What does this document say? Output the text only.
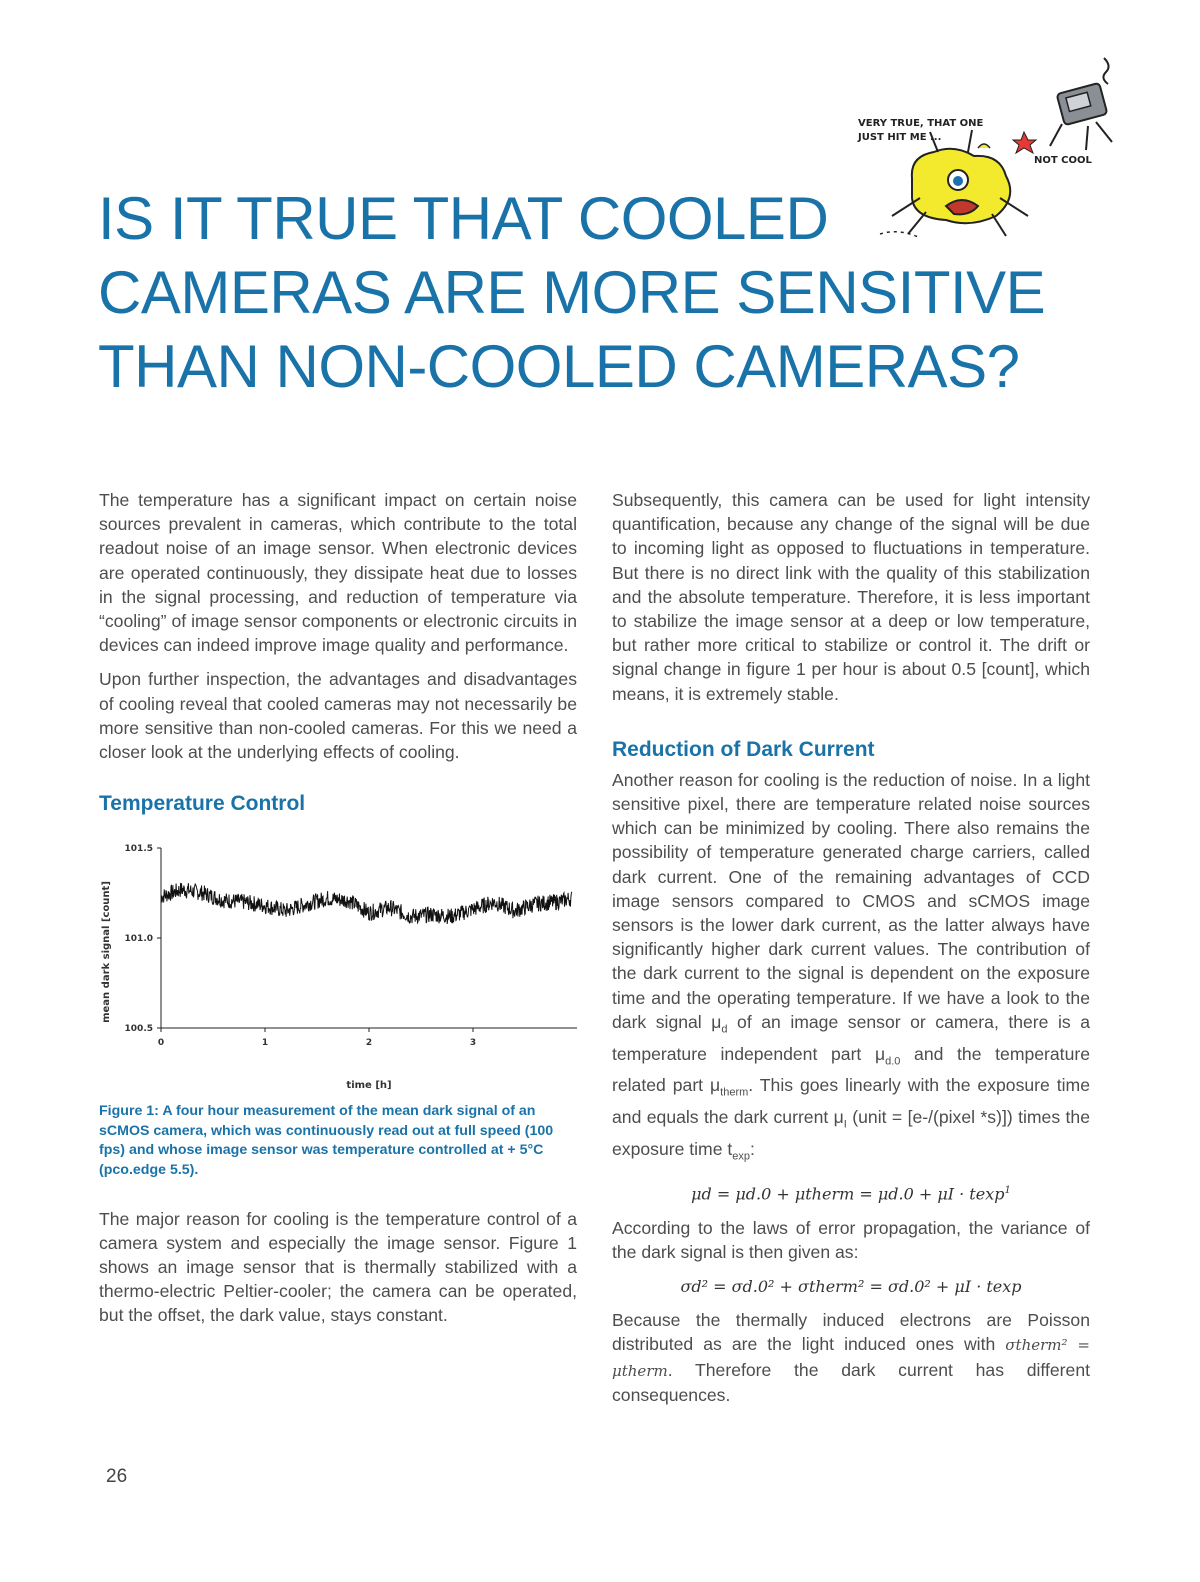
VERY TRUE, THAT ONE
JUST HIT ME ...
NOT COOL
IS IT TRUE THAT COOLED
CAMERAS ARE MORE SENSITIVE
THAN NON-COOLED CAMERAS?

The temperature has a significant impact on certain noise sources prevalent in cameras, which contribute to the total readout noise of an image sensor. When electronic devices are operated continuously, they dissipate heat due to losses in the signal processing, and reduction of temperature via “cooling” of image sensor components or electronic circuits in devices can indeed improve image quality and performance.

Upon further inspection, the advantages and disadvantages of cooling reveal that cooled cameras may not necessarily be more sensitive than non-cooled cameras. For this we need a closer look at the underlying effects of cooling.

Temperature Control
100.5
101.0
101.5
0	1	2	3
time [h]
mean dark signal [count]

Figure 1: A four hour measurement of the mean dark signal of an sCMOS camera, which was continuously read out at full speed (100 fps) and whose image sensor was temperature controlled at + 5°C (pco.edge 5.5).

The major reason for cooling is the temperature control of a camera system and especially the image sensor. Figure 1 shows an image sensor that is thermally stabilized with a thermo-electric Peltier-cooler; the camera can be operated, but the offset, the dark value, stays constant.

Subsequently, this camera can be used for light intensity quantification, because any change of the signal will be due to incoming light as opposed to fluctuations in temperature. But there is no direct link with the quality of this stabilization and the absolute temperature. Therefore, it is less important to stabilize the image sensor at a deep or low temperature, but rather more critical to stabilize or control it. The drift or signal change in figure 1 per hour is about 0.5 [count], which means, it is extremely stable.

Reduction of Dark Current

Another reason for cooling is the reduction of noise. In a light sensitive pixel, there are temperature related noise sources which can be minimized by cooling. There also remains the possibility of temperature generated charge carriers, called dark current. One of the remaining advantages of CCD image sensors compared to CMOS and sCMOS image sensors is the lower dark current, as the latter always have significantly higher dark current values. The contribution of the dark current to the signal is dependent on the exposure time and the operating temperature. If we have a look to the dark signal $\mu_d$ of an image sensor or camera, there is a temperature independent part $\mu_{d.0}$ and the temperature related part $\mu_{therm}$. This goes linearly with the exposure time and equals the dark current $\mu_I$ (unit = [e-/(pixel *s)]) times the exposure time $t_{exp}$:

μd = μd.0 + μtherm = μd.0 + μI · texp$^1$

According to the laws of error propagation, the variance of the dark signal is then given as:

σd² = σd.0² + σtherm² = σd.0² + μI · texp

Because the thermally induced electrons are Poisson distributed as are the light induced ones with σtherm² = μtherm. Therefore the dark current has different consequences.

26
